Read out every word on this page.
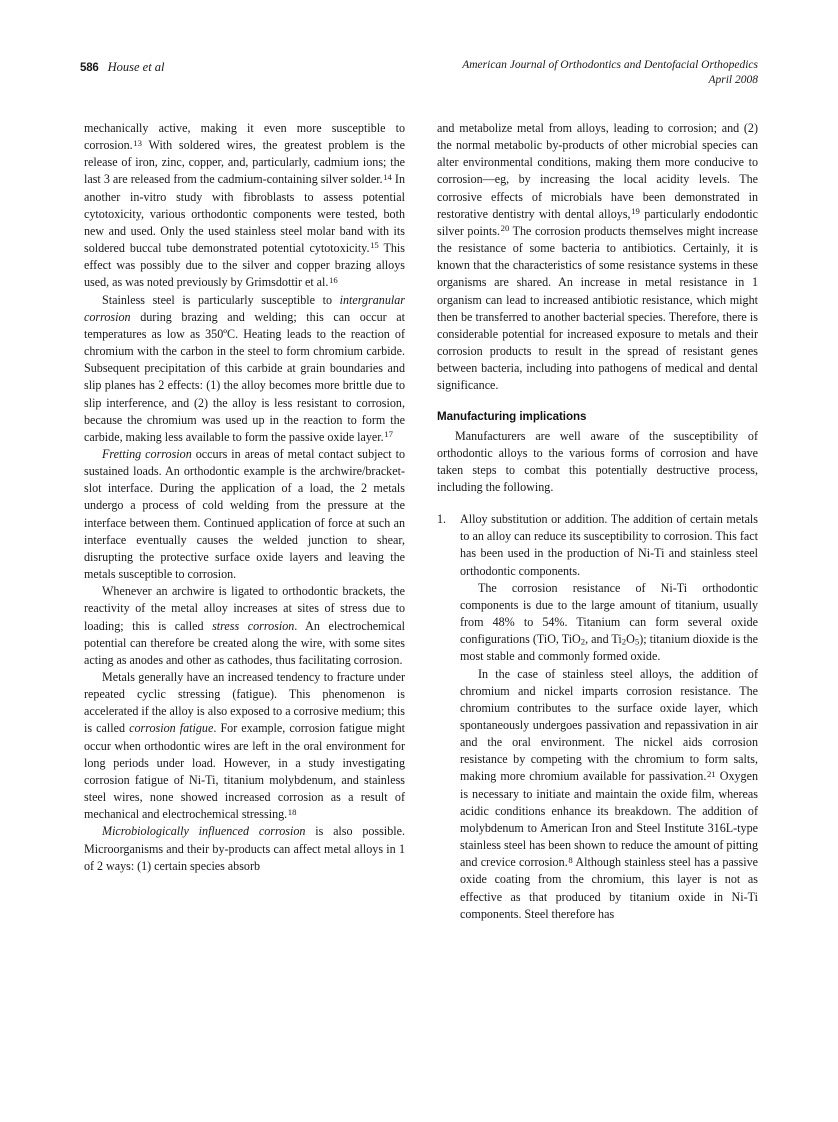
586 House et al	American Journal of Orthodontics and Dentofacial Orthopedics
April 2008

mechanically active, making it even more susceptible to corrosion.$^{13}$ With soldered wires, the greatest problem is the release of iron, zinc, copper, and, particularly, cadmium ions; the last 3 are released from the cadmium-containing silver solder.$^{14}$ In another in-vitro study with fibroblasts to assess potential cytotoxicity, various orthodontic components were tested, both new and used. Only the used stainless steel molar band with its soldered buccal tube demonstrated potential cytotoxicity.$^{15}$ This effect was possibly due to the silver and copper brazing alloys used, as was noted previously by Grimsdottir et al.$^{16}$

Stainless steel is particularly susceptible to intergranular corrosion during brazing and welding; this can occur at temperatures as low as 350ºC. Heating leads to the reaction of chromium with the carbon in the steel to form chromium carbide. Subsequent precipitation of this carbide at grain boundaries and slip planes has 2 effects: (1) the alloy becomes more brittle due to slip interference, and (2) the alloy is less resistant to corrosion, because the chromium was used up in the reaction to form the carbide, making less available to form the passive oxide layer.$^{17}$

Fretting corrosion occurs in areas of metal contact subject to sustained loads. An orthodontic example is the archwire/bracket-slot interface. During the application of a load, the 2 metals undergo a process of cold welding from the pressure at the interface between them. Continued application of force at such an interface eventually causes the welded junction to shear, disrupting the protective surface oxide layers and leaving the metals susceptible to corrosion.

Whenever an archwire is ligated to orthodontic brackets, the reactivity of the metal alloy increases at sites of stress due to loading; this is called stress corrosion. An electrochemical potential can therefore be created along the wire, with some sites acting as anodes and other as cathodes, thus facilitating corrosion.

Metals generally have an increased tendency to fracture under repeated cyclic stressing (fatigue). This phenomenon is accelerated if the alloy is also exposed to a corrosive medium; this is called corrosion fatigue. For example, corrosion fatigue might occur when orthodontic wires are left in the oral environment for long periods under load. However, in a study investigating corrosion fatigue of Ni-Ti, titanium molybdenum, and stainless steel wires, none showed increased corrosion as a result of mechanical and electrochemical stressing.$^{18}$

Microbiologically influenced corrosion is also possible. Microorganisms and their by-products can affect metal alloys in 1 of 2 ways: (1) certain species absorb

and metabolize metal from alloys, leading to corrosion; and (2) the normal metabolic by-products of other microbial species can alter environmental conditions, making them more conducive to corrosion—eg, by increasing the local acidity levels. The corrosive effects of microbials have been demonstrated in restorative dentistry with dental alloys,$^{19}$ particularly endodontic silver points.$^{20}$ The corrosion products themselves might increase the resistance of some bacteria to antibiotics. Certainly, it is known that the characteristics of some resistance systems in these organisms are shared. An increase in metal resistance in 1 organism can lead to increased antibiotic resistance, which might then be transferred to another bacterial species. Therefore, there is considerable potential for increased exposure to metals and their corrosion products to result in the spread of resistant genes between bacteria, including into pathogens of medical and dental significance.

Manufacturing implications

Manufacturers are well aware of the susceptibility of orthodontic alloys to the various forms of corrosion and have taken steps to combat this potentially destructive process, including the following.

1. Alloy substitution or addition. The addition of certain metals to an alloy can reduce its susceptibility to corrosion. This fact has been used in the production of Ni-Ti and stainless steel orthodontic components.

The corrosion resistance of Ni-Ti orthodontic components is due to the large amount of titanium, usually from 48% to 54%. Titanium can form several oxide configurations (TiO, TiO$_2$, and $Ti_2O_5$); titanium dioxide is the most stable and commonly formed oxide.

In the case of stainless steel alloys, the addition of chromium and nickel imparts corrosion resistance. The chromium contributes to the surface oxide layer, which spontaneously undergoes passivation and repassivation in air and the oral environment. The nickel aids corrosion resistance by competing with the chromium to form salts, making more chromium available for passivation.$^{21}$ Oxygen is necessary to initiate and maintain the oxide film, whereas acidic conditions enhance its breakdown. The addition of molybdenum to American Iron and Steel Institute 316L-type stainless steel has been shown to reduce the amount of pitting and crevice corrosion.$^8$ Although stainless steel has a passive oxide coating from the chromium, this layer is not as effective as that produced by titanium oxide in Ni-Ti components. Steel therefore has
